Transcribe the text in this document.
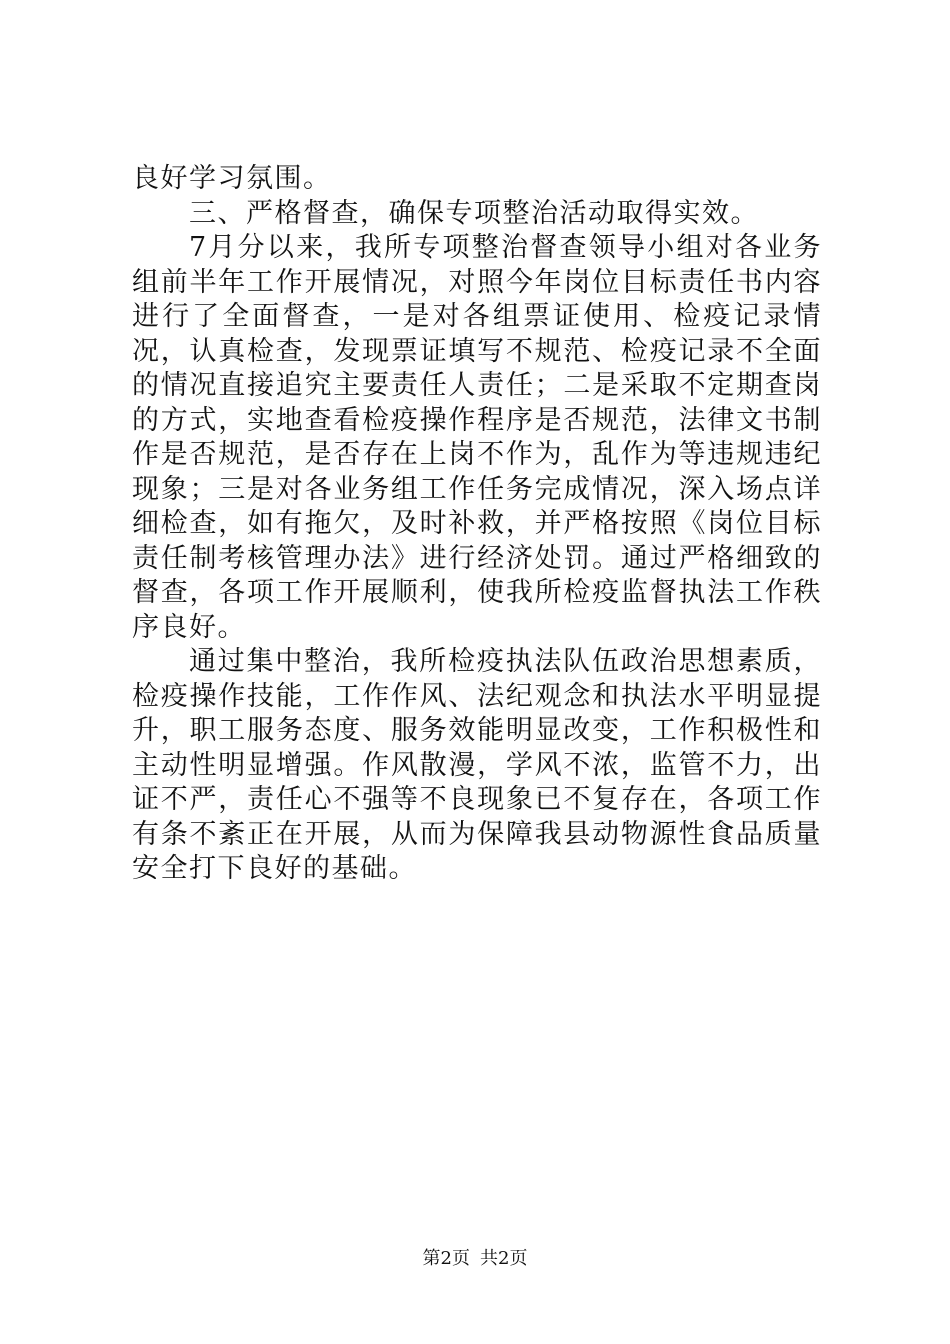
良好学习氛围。

三、严格督查，确保专项整治活动取得实效。

7月分以来，我所专项整治督查领导小组对各业务组前半年工作开展情况，对照今年岗位目标责任书内容进行了全面督查，一是对各组票证使用、检疫记录情况，认真检查，发现票证填写不规范、检疫记录不全面的情况直接追究主要责任人责任；二是采取不定期查岗的方式，实地查看检疫操作程序是否规范，法律文书制作是否规范，是否存在上岗不作为，乱作为等违规违纪现象；三是对各业务组工作任务完成情况，深入场点详细检查，如有拖欠，及时补救，并严格按照《岗位目标责任制考核管理办法》进行经济处罚。通过严格细致的督查，各项工作开展顺利，使我所检疫监督执法工作秩序良好。

通过集中整治，我所检疫执法队伍政治思想素质，检疫操作技能，工作作风、法纪观念和执法水平明显提升，职工服务态度、服务效能明显改变，工作积极性和主动性明显增强。作风散漫，学风不浓，监管不力，出证不严，责任心不强等不良现象已不复存在，各项工作有条不紊正在开展，从而为保障我县动物源性食品质量安全打下良好的基础。

第2页 共2页
